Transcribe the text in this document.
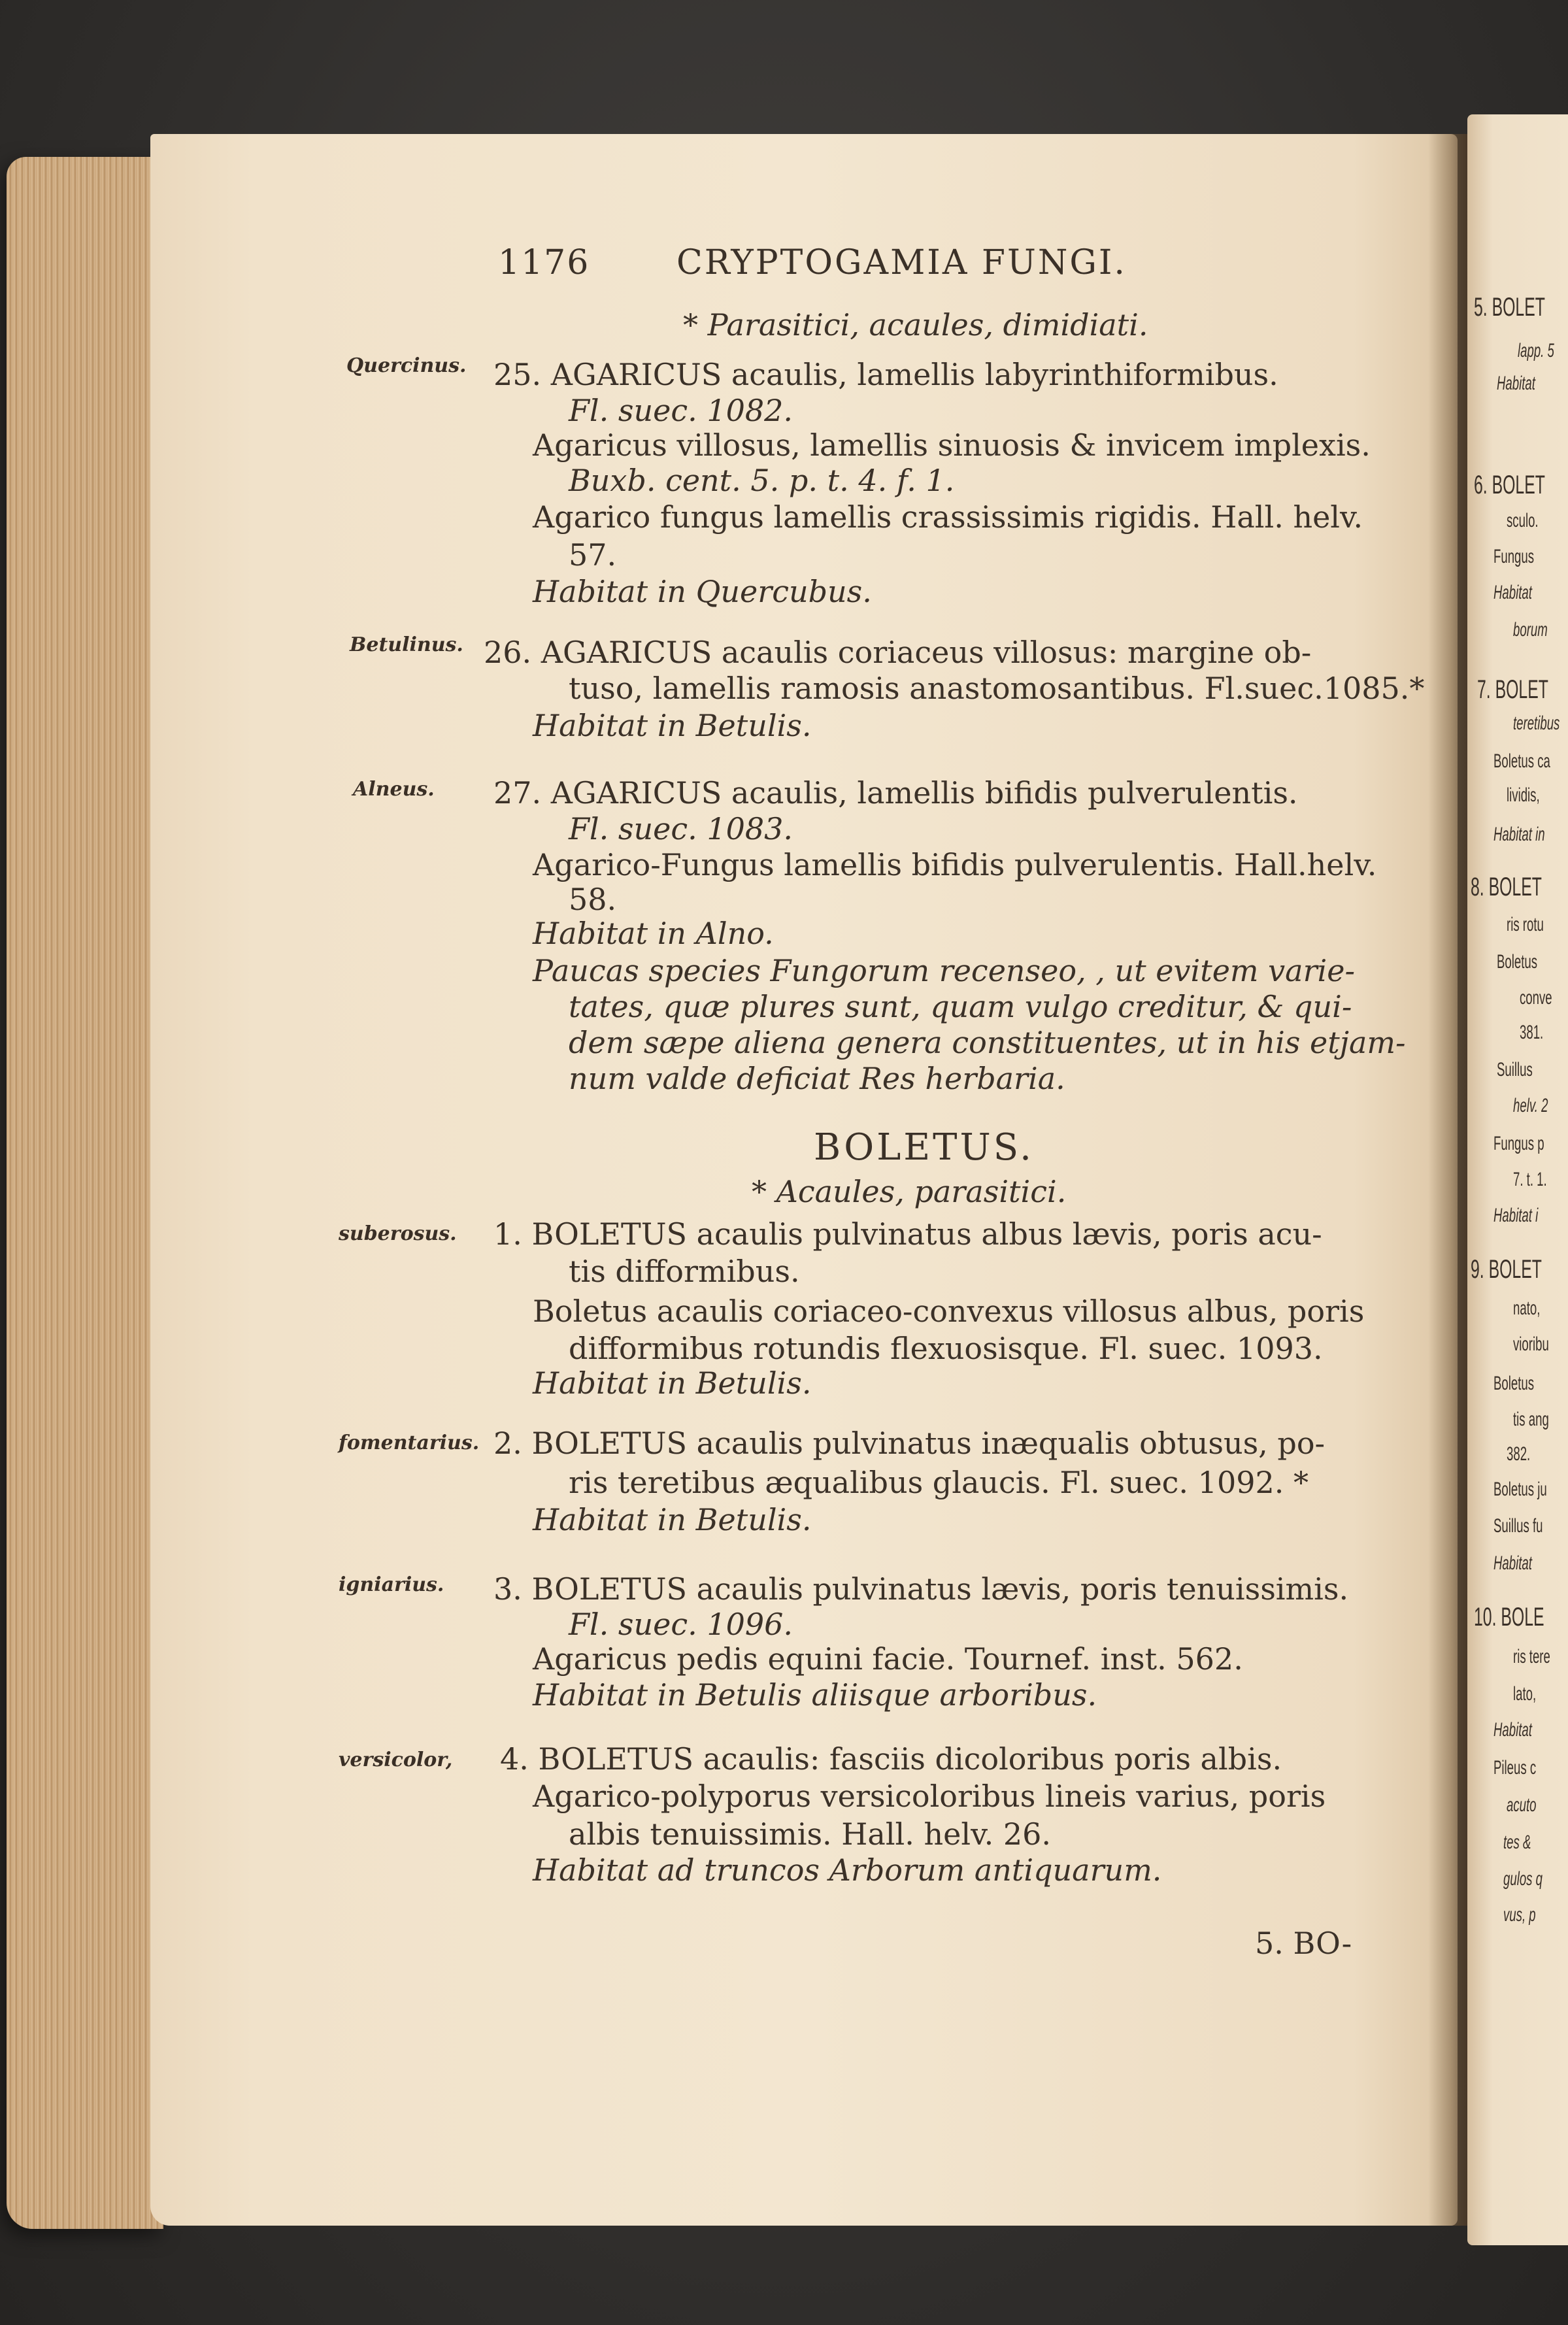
1176	CRYPTOGAMIA FUNGI.
* Parasitici, acaules, dimidiati.
Quercinus. 25. AGARICUS acaulis, lamellis labyrinthiformibus.
Fl. suec. 1082.
Agaricus villosus, lamellis sinuosis & invicem implexis.
Buxb. cent. 5. p. t. 4. f. 1.
Agarico fungus lamellis crassissimis rigidis. Hall. helv.
57.
Habitat in Quercubus.
Betulinus. 26. AGARICUS acaulis coriaceus villosus: margine ob-
tuso, lamellis ramosis anastomosantibus. Fl.suec.1085.*
Habitat in Betulis.
Alneus. 27. AGARICUS acaulis, lamellis bifidis pulverulentis.
Fl. suec. 1083.
Agarico-Fungus lamellis bifidis pulverulentis. Hall.helv.
58.
Habitat in Alno.
Paucas species Fungorum recenseo, , ut evitem varie-
tates, quæ plures sunt, quam vulgo creditur, & qui-
dem sæpe aliena genera constituentes, ut in his etjam-
num valde deficiat Res herbaria.
BOLETUS.
* Acaules, parasitici.
suberosus. 1. BOLETUS acaulis pulvinatus albus lævis, poris acu-
tis difformibus.
Boletus acaulis coriaceo-convexus villosus albus, poris
difformibus rotundis flexuosisque. Fl. suec. 1093.
Habitat in Betulis.
fomentarius. 2. BOLETUS acaulis pulvinatus inæqualis obtusus, po-
ris teretibus æqualibus glaucis. Fl. suec. 1092. *
Habitat in Betulis.
igniarius. 3. BOLETUS acaulis pulvinatus lævis, poris tenuissimis.
Fl. suec. 1096.
Agaricus pedis equini facie. Tournef. inst. 562.
Habitat in Betulis aliisque arboribus.
versicolor, 4. BOLETUS acaulis: fasciis dicoloribus poris albis.
Agarico-polyporus versicoloribus lineis varius, poris
albis tenuissimis. Hall. helv. 26.
Habitat ad truncos Arborum antiquarum.
5. BO-
5. BOLET
lapp. 5
Habitat
6. BOLET
sculo.
Fungus
Habitat
borum
7. BOLET
teretibus
Boletus ca
lividis,
Habitat in
8. BOLET
ris rotu
Boletus
conve
381.
Suillus
helv. 2
Fungus p
7. t. 1.
Habitat i
9. BOLET
nato,
vioribu
Boletus
tis ang
382.
Boletus ju
Suillus fu
Habitat
10. BOLE
ris tere
lato,
Habitat
Pileus c
acuto
tes &
gulos q
vus, p
